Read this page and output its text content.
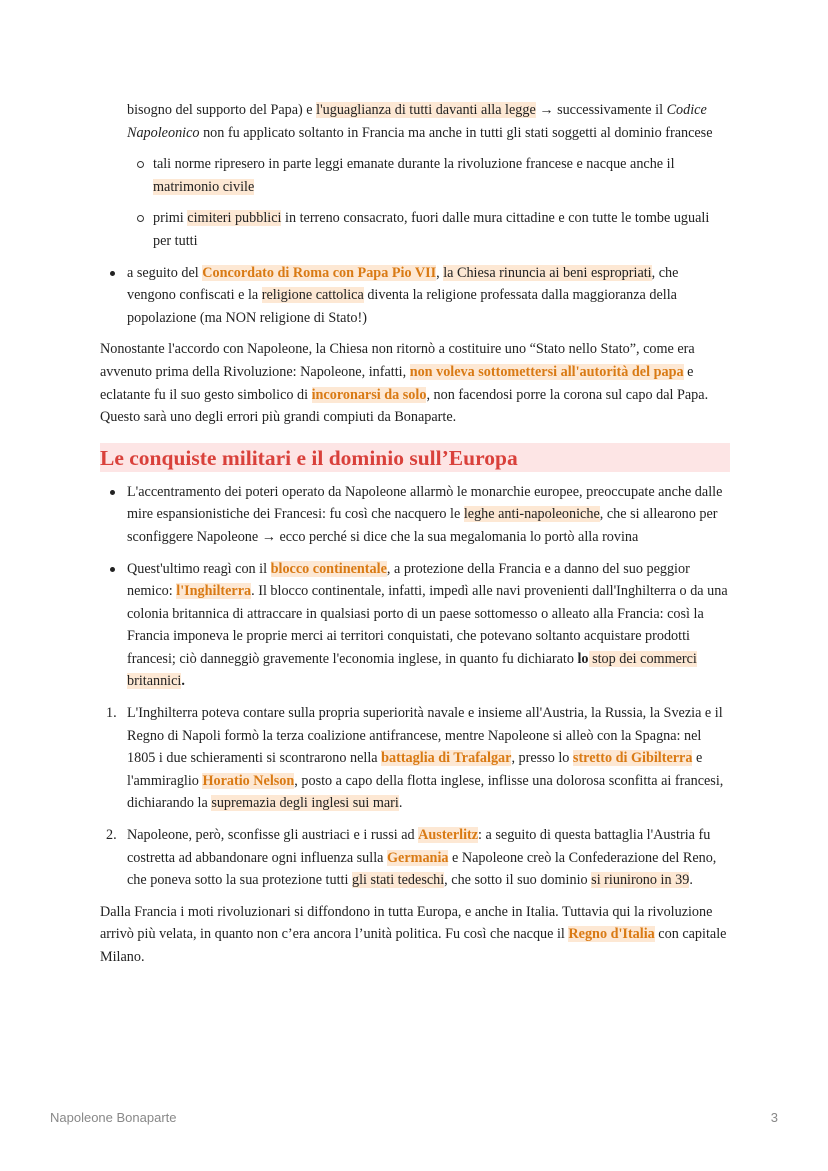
bisogno del supporto del Papa) e l'uguaglianza di tutti davanti alla legge → successivamente il Codice Napoleonico non fu applicato soltanto in Francia ma anche in tutti gli stati soggetti al dominio francese

tali norme ripresero in parte leggi emanate durante la rivoluzione francese e nacque anche il matrimonio civile
primi cimiteri pubblici in terreno consacrato, fuori dalle mura cittadine e con tutte le tombe uguali per tutti
a seguito del Concordato di Roma con Papa Pio VII, la Chiesa rinuncia ai beni espropriati, che vengono confiscati e la religione cattolica diventa la religione professata dalla maggioranza della popolazione (ma NON religione di Stato!)

Nonostante l'accordo con Napoleone, la Chiesa non ritornò a costituire uno “Stato nello Stato”, come era avvenuto prima della Rivoluzione: Napoleone, infatti, non voleva sottomettersi all'autorità del papa e eclatante fu il suo gesto simbolico di incoronarsi da solo, non facendosi porre la corona sul capo dal Papa. Questo sarà uno degli errori più grandi compiuti da Bonaparte.

Le conquiste militari e il dominio sull’Europa
L'accentramento dei poteri operato da Napoleone allarmò le monarchie europee, preoccupate anche dalle mire espansionistiche dei Francesi: fu così che nacquero le leghe anti-napoleoniche, che si allearono per sconfiggere Napoleone → ecco perché si dice che la sua megalomania lo portò alla rovina
Quest'ultimo reagì con il blocco continentale, a protezione della Francia e a danno del suo peggior nemico: l'Inghilterra. Il blocco continentale, infatti, impedì alle navi provenienti dall'Inghilterra o da una colonia britannica di attraccare in qualsiasi porto di un paese sottomesso o alleato alla Francia: così la Francia imponeva le proprie merci ai territori conquistati, che potevano soltanto acquistare prodotti francesi; ciò danneggiò gravemente l'economia inglese, in quanto fu dichiarato lo stop dei commerci britannici.
1. L'Inghilterra poteva contare sulla propria superiorità navale e insieme all'Austria, la Russia, la Svezia e il Regno di Napoli formò la terza coalizione antifrancese, mentre Napoleone si alleò con la Spagna: nel 1805 i due schieramenti si scontrarono nella battaglia di Trafalgar, presso lo stretto di Gibilterra e l'ammiraglio Horatio Nelson, posto a capo della flotta inglese, inflisse una dolorosa sconfitta ai francesi, dichiarando la supremazia degli inglesi sui mari.
2. Napoleone, però, sconfisse gli austriaci e i russi ad Austerlitz: a seguito di questa battaglia l'Austria fu costretta ad abbandonare ogni influenza sulla Germania e Napoleone creò la Confederazione del Reno, che poneva sotto la sua protezione tutti gli stati tedeschi, che sotto il suo dominio si riunirono in 39.

Dalla Francia i moti rivoluzionari si diffondono in tutta Europa, e anche in Italia. Tuttavia qui la rivoluzione arrivò più velata, in quanto non c’era ancora l’unità politica. Fu così che nacque il Regno d'Italia con capitale Milano.

Napoleone Bonaparte	3
